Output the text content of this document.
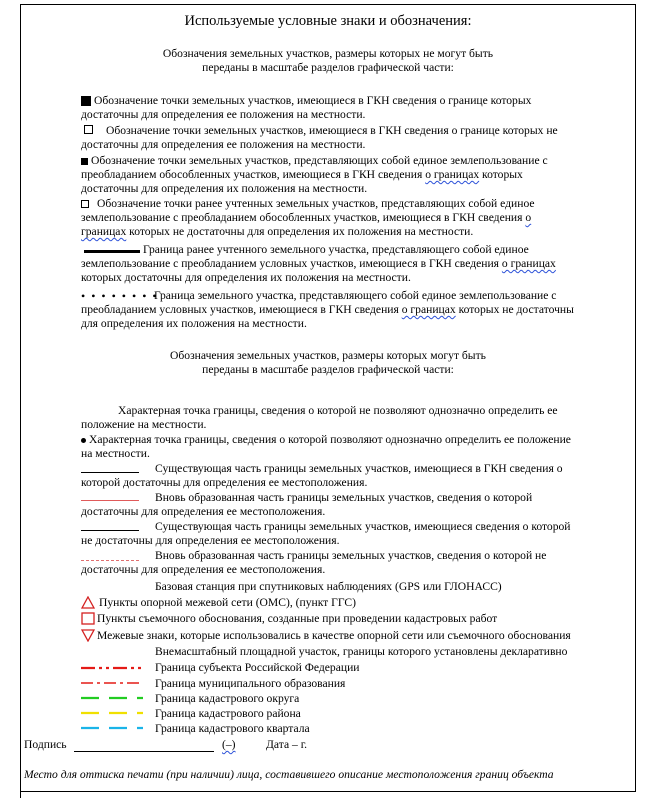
Используемые условные знаки и обозначения:
Обозначения земельных участков, размеры которых не могут быть
переданы в масштабе разделов графической части:
Обозначение точки земельных участков, имеющиеся в ГКН сведения о границе которых
достаточны для определения ее положения на местности.
Обозначение точки земельных участков, имеющиеся в ГКН сведения о границе которых не
достаточны для определения ее положения на местности.
Обозначение точки земельных участков, представляющих собой единое землепользование с
преобладанием обособленных участков, имеющиеся в ГКН сведения о границах которых
достаточны для определения их положения на местности.
Обозначение точки ранее учтенных земельных участков, представляющих собой единое
землепользование с преобладанием обособленных участков, имеющиеся в ГКН сведения о
границах которых не достаточны для определения их положения на местности.
Граница ранее учтенного земельного участка, представляющего собой единое
землепользование с преобладанием условных участков, имеющиеся в ГКН сведения о границах
которых достаточны для определения их положения на местности.
• • • • • • • •
Граница земельного участка, представляющего собой единое землепользование с
преобладанием условных участков, имеющиеся в ГКН сведения о границах которых не достаточны
для определения их положения на местности.
Обозначения земельных участков, размеры которых могут быть
переданы в масштабе разделов графической части:
Характерная точка границы, сведения о которой не позволяют однозначно определить ее
положение на местности.
Характерная точка границы, сведения о которой позволяют однозначно определить ее положение
на местности.
Существующая часть границы земельных участков, имеющиеся в ГКН сведения о
которой достаточны для определения ее местоположения.
Вновь образованная часть границы земельных участков, сведения о которой
достаточны для определения ее местоположения.
Существующая часть границы земельных участков, имеющиеся сведения о которой
не достаточны для определения ее местоположения.
Вновь образованная часть границы земельных участков, сведения о которой не
достаточны для определения ее местоположения.
Базовая станция при спутниковых наблюдениях (GPS или ГЛОНАСС)
Пункты опорной межевой сети (ОМС), (пункт ГГС)
Пункты съемочного обоснования, созданные при проведении кадастровых работ
Межевые знаки, которые использовались в качестве опорной сети или съемочного обоснования
Внемасштабный площадной участок, границы которого установлены декларативно
Граница субъекта Российской Федерации
Граница муниципального образования
Граница кадастрового округа
Граница кадастрового района
Граница кадастрового квартала
Подпись	(–)	Дата – г.
Место для оттиска печати (при наличии) лица, составившего описание местоположения границ объекта
